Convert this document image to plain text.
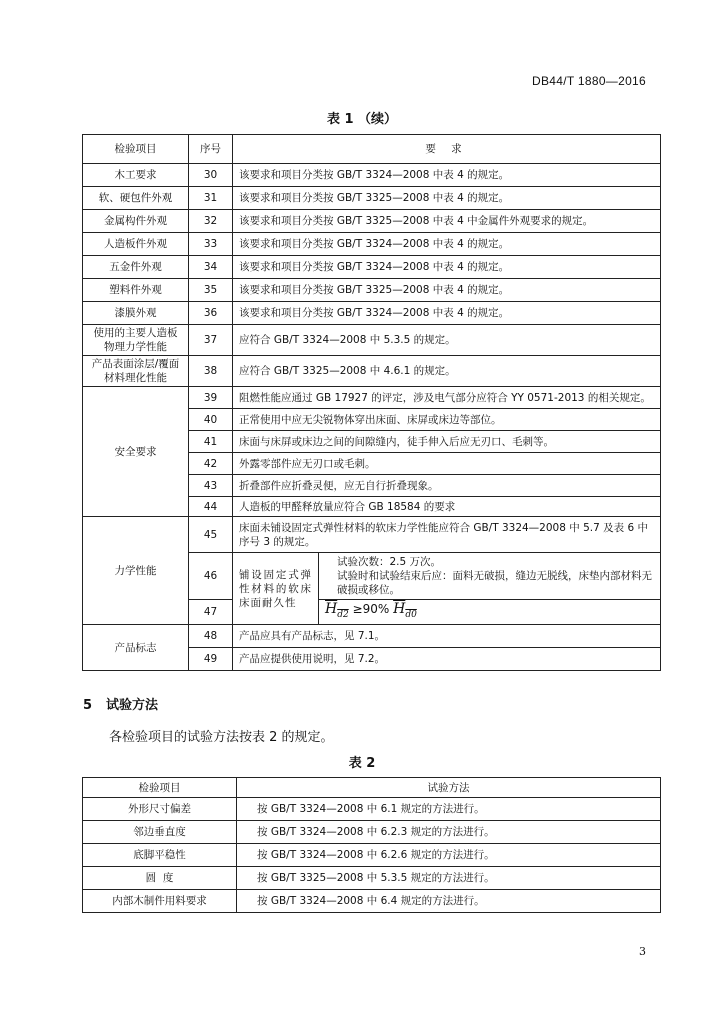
DB44/T 1880—2016
表 1 （续）
检验项目	序号	要 求	
木工要求	30	该要求和项目分类按 GB/T 3324—2008 中表 4 的规定。	
软、硬包件外观	31	该要求和项目分类按 GB/T 3325—2008 中表 4 的规定。	
金属构件外观	32	该要求和项目分类按 GB/T 3325—2008 中表 4 中金属件外观要求的规定。	
人造板件外观	33	该要求和项目分类按 GB/T 3324—2008 中表 4 的规定。	
五金件外观	34	该要求和项目分类按 GB/T 3324—2008 中表 4 的规定。	
塑料件外观	35	该要求和项目分类按 GB/T 3325—2008 中表 4 的规定。	
漆膜外观	36	该要求和项目分类按 GB/T 3324—2008 中表 4 的规定。	
使用的主要人造板物理力学性能	37	应符合 GB/T 3324—2008 中 5.3.5 的规定。	
产品表面涂层/覆面材料理化性能	38	应符合 GB/T 3325—2008 中 4.6.1 的规定。	
安全要求	39	阻燃性能应通过 GB 17927 的评定，涉及电气部分应符合 YY 0571-2013 的相关规定。	
	40	正常使用中应无尖锐物体穿出床面、床屏或床边等部位。	
	41	床面与床屏或床边之间的间隙缝内，徒手伸入后应无刃口、毛刺等。	
	42	外露零部件应无刃口或毛刺。	
	43	折叠部件应折叠灵便，应无自行折叠现象。	
	44	人造板的甲醛释放量应符合 GB 18584 的要求	
力学性能	45	床面未铺设固定式弹性材料的软床力学性能应符合 GB/T 3324—2008 中 5.7 及表 6 中序号 3 的规定。	
	46	铺设固定式弹性材料的软床床面耐久性	试验次数：2.5 万次。
试验时和试验结束后应：面料无破损，缝边无脱线，床垫内部材料无破损或移位。

	47		$H_{d2} \ge 90\%$ $H_{d0}$
产品标志	48	产品应具有产品标志，见 7.1。	
	49	产品应提供使用说明，见 7.2。	
5 试验方法
各检验项目的试验方法按表 2 的规定。
表 2
检验项目	试验方法
外形尺寸偏差	按 GB/T 3324—2008 中 6.1 规定的方法进行。
邻边垂直度	按 GB/T 3324—2008 中 6.2.3 规定的方法进行。
底脚平稳性	按 GB/T 3324—2008 中 6.2.6 规定的方法进行。
圆  度	按 GB/T 3325—2008 中 5.3.5 规定的方法进行。
内部木制件用料要求	按 GB/T 3324—2008 中 6.4 规定的方法进行。
3
